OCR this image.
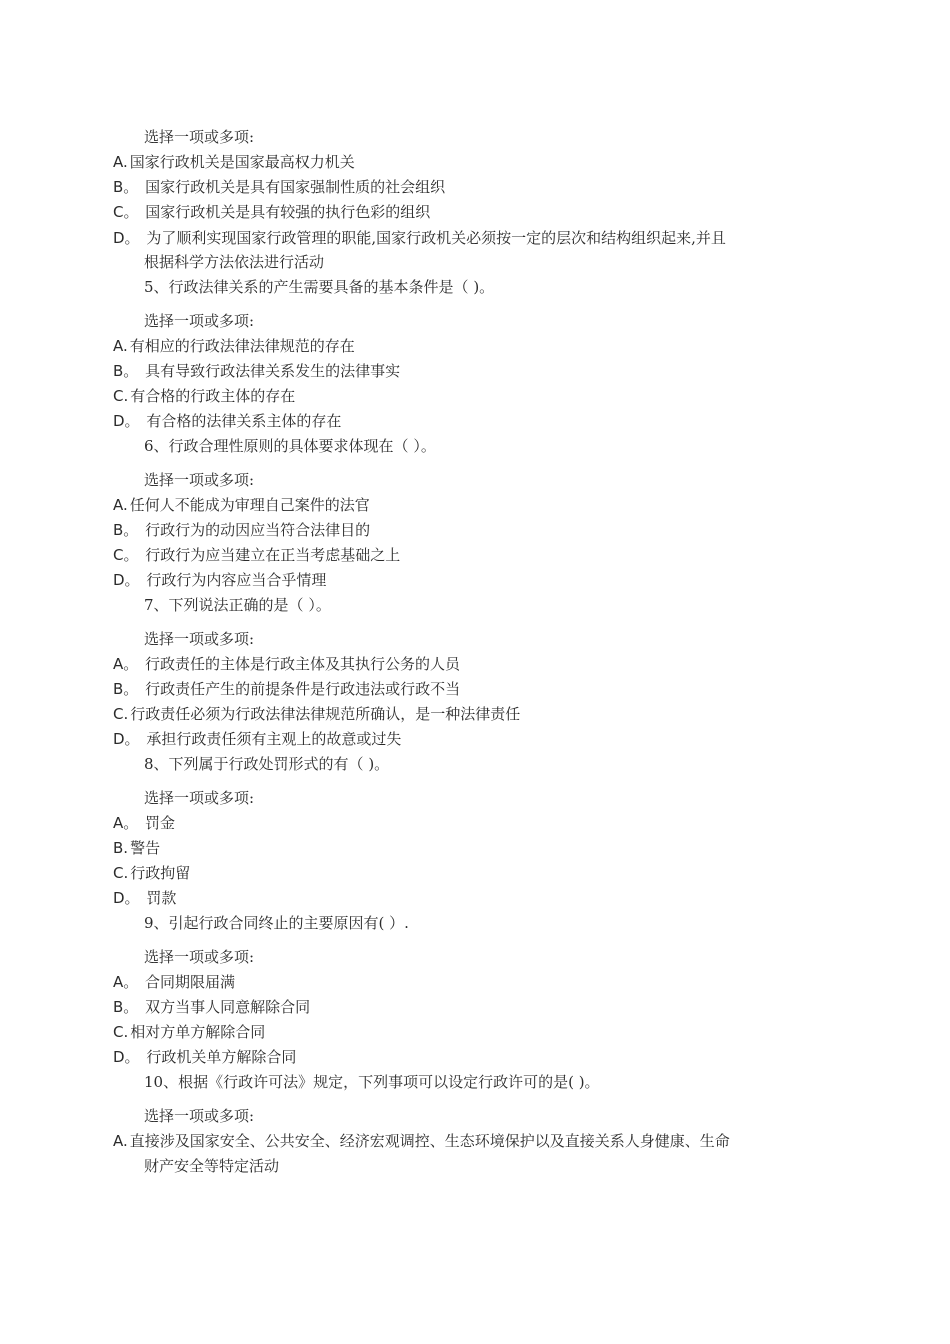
选择一项或多项:
A. 国家行政机关是国家最高权力机关
B。 国家行政机关是具有国家强制性质的社会组织
C。 国家行政机关是具有较强的执行色彩的组织
D。 为了顺利实现国家行政管理的职能,国家行政机关必须按一定的层次和结构组织起来,并且
根据科学方法依法进行活动
5、行政法律关系的产生需要具备的基本条件是（ )。
选择一项或多项:
A. 有相应的行政法律法律规范的存在
B。 具有导致行政法律关系发生的法律事实
C. 有合格的行政主体的存在
D。 有合格的法律关系主体的存在
6、行政合理性原则的具体要求体现在（ ）。
选择一项或多项:
A. 任何人不能成为审理自己案件的法官
B。 行政行为的动因应当符合法律目的
C。 行政行为应当建立在正当考虑基础之上
D。 行政行为内容应当合乎情理
7、下列说法正确的是（ ）。
选择一项或多项:
A。 行政责任的主体是行政主体及其执行公务的人员
B。 行政责任产生的前提条件是行政违法或行政不当
C. 行政责任必须为行政法律法律规范所确认，是一种法律责任
D。 承担行政责任须有主观上的故意或过失
8、下列属于行政处罚形式的有（ )。
选择一项或多项:
A。 罚金
B. 警告
C. 行政拘留
D。 罚款
9、引起行政合同终止的主要原因有( ）.
选择一项或多项:
A。 合同期限届满
B。 双方当事人同意解除合同
C. 相对方单方解除合同
D。 行政机关单方解除合同
10、根据《行政许可法》规定，下列事项可以设定行政许可的是( )。
选择一项或多项:
A. 直接涉及国家安全、公共安全、经济宏观调控、生态环境保护以及直接关系人身健康、生命
财产安全等特定活动
